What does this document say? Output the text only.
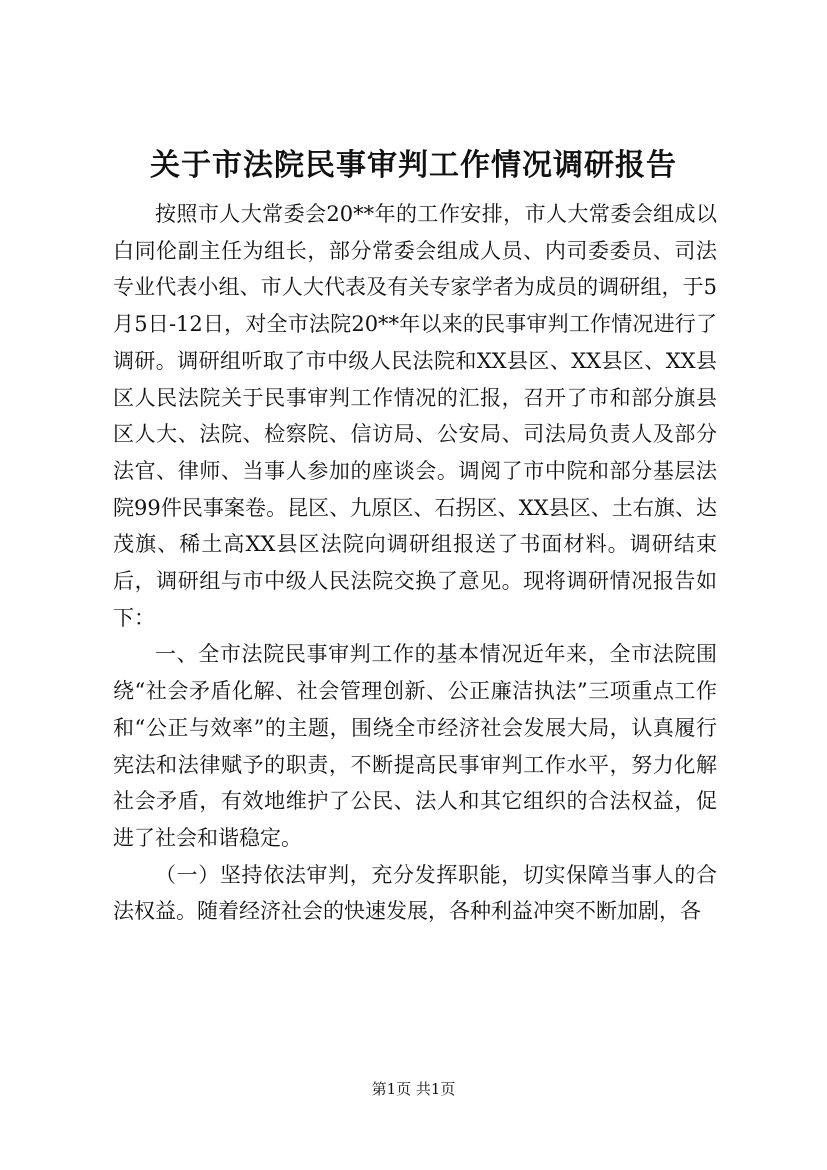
关于市法院民事审判工作情况调研报告

按照市人大常委会20**年的工作安排，市人大常委会组成以白同伦副主任为组长，部分常委会组成人员、内司委委员、司法专业代表小组、市人大代表及有关专家学者为成员的调研组，于5月5日-12日，对全市法院20**年以来的民事审判工作情况进行了调研。调研组听取了市中级人民法院和XX县区、XX县区、XX县区人民法院关于民事审判工作情况的汇报，召开了市和部分旗县区人大、法院、检察院、信访局、公安局、司法局负责人及部分法官、律师、当事人参加的座谈会。调阅了市中院和部分基层法院99件民事案卷。昆区、九原区、石拐区、XX县区、土右旗、达茂旗、稀土高XX县区法院向调研组报送了书面材料。调研结束后，调研组与市中级人民法院交换了意见。现将调研情况报告如下：

一、全市法院民事审判工作的基本情况近年来，全市法院围绕“社会矛盾化解、社会管理创新、公正廉洁执法”三项重点工作和“公正与效率”的主题，围绕全市经济社会发展大局，认真履行宪法和法律赋予的职责，不断提高民事审判工作水平，努力化解社会矛盾，有效地维护了公民、法人和其它组织的合法权益，促进了社会和谐稳定。

（一）坚持依法审判，充分发挥职能，切实保障当事人的合法权益。随着经济社会的快速发展，各种利益冲突不断加剧，各

第1页 共1页
